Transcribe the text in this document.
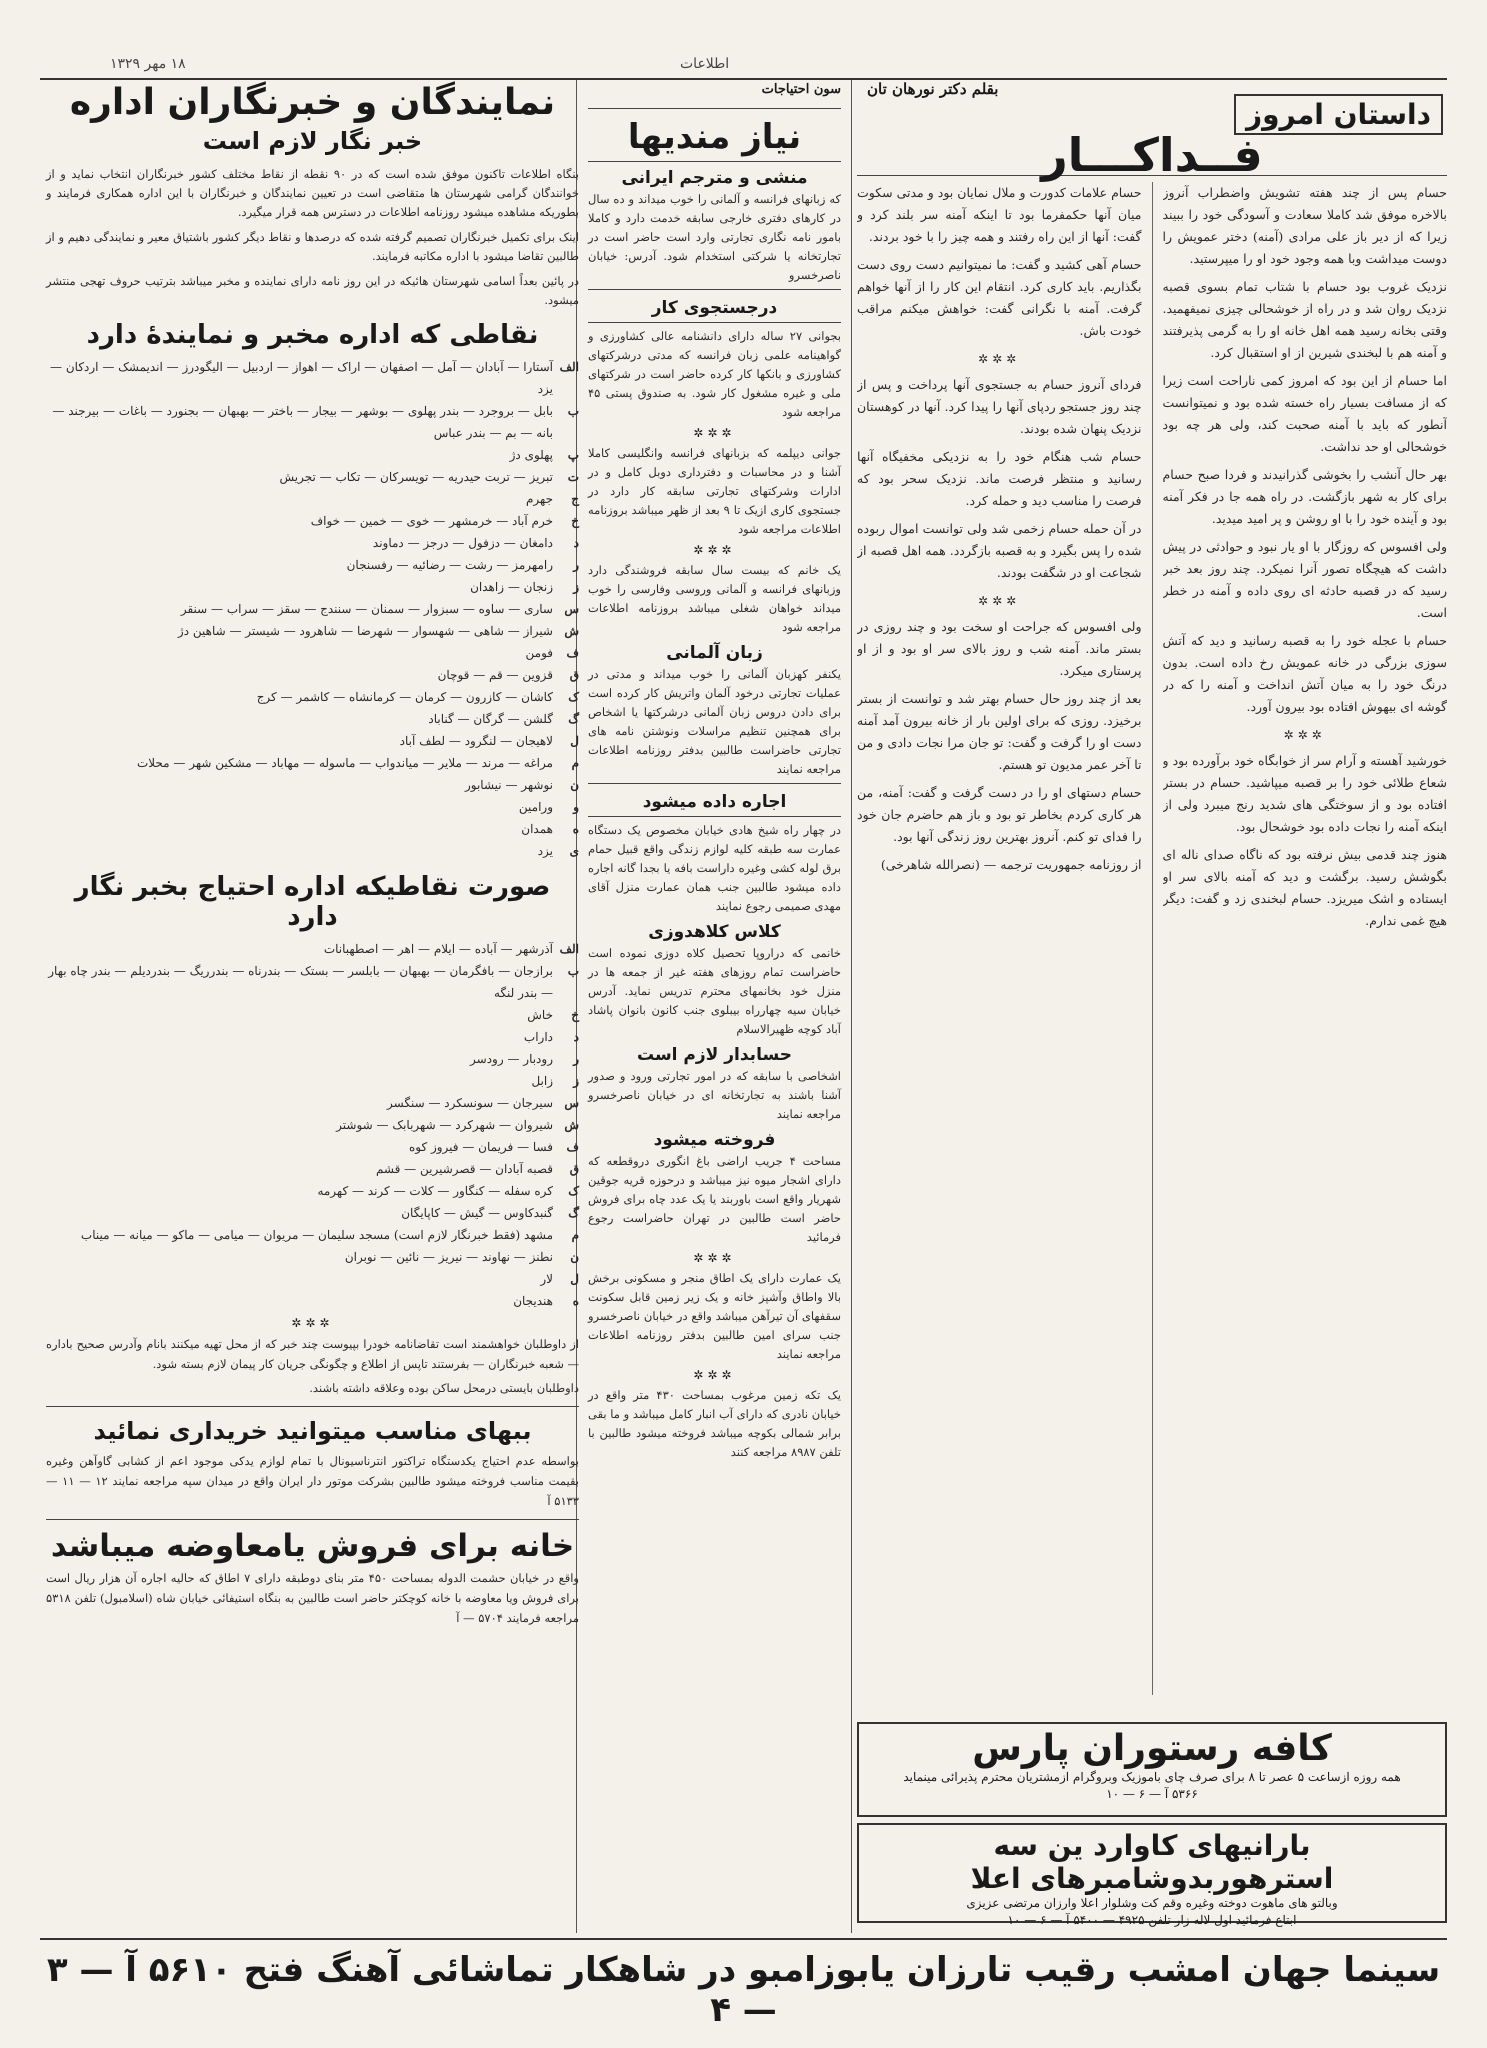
۱۸ مهر ۱۳۲۹	اطلاعات
داستان امروز
بقلم دکتر نورهان تان
فــداکـــار

حسام پس از چند هفته تشویش واضطراب آنروز بالاخره موفق شد کاملا سعادت و آسودگی خود را ببیند زیرا که از دیر باز علی مرادی (آمنه) دختر عمویش را دوست میداشت وبا همه وجود خود او را میپرستید.

نزدیک غروب بود حسام با شتاب تمام بسوی قصبه نزدیک روان شد و در راه از خوشحالی چیزی نمیفهمید. وقتی بخانه رسید همه اهل خانه او را به گرمی پذیرفتند و آمنه هم با لبخندی شیرین از او استقبال کرد.

اما حسام از این بود که امروز کمی ناراحت است زیرا که از مسافت بسیار راه خسته شده بود و نمیتوانست آنطور که باید با آمنه صحبت کند، ولی هر چه بود خوشحالی او حد نداشت.

بهر حال آنشب را بخوشی گذرانیدند و فردا صبح حسام برای کار به شهر بازگشت. در راه همه جا در فکر آمنه بود و آینده خود را با او روشن و پر امید میدید.

ولی افسوس که روزگار با او یار نبود و حوادثی در پیش داشت که هیچگاه تصور آنرا نمیکرد. چند روز بعد خبر رسید که در قصبه حادثه ای روی داده و آمنه در خطر است.

حسام با عجله خود را به قصبه رسانید و دید که آتش سوزی بزرگی در خانه عمویش رخ داده است. بدون درنگ خود را به میان آتش انداخت و آمنه را که در گوشه ای بیهوش افتاده بود بیرون آورد.

✲✲✲

خورشید آهسته و آرام سر از خوابگاه خود برآورده بود و شعاع طلائی خود را بر قصبه میپاشید. حسام در بستر افتاده بود و از سوختگی های شدید رنج میبرد ولی از اینکه آمنه را نجات داده بود خوشحال بود.

هنوز چند قدمی بیش نرفته بود که ناگاه صدای ناله ای بگوشش رسید. برگشت و دید که آمنه بالای سر او ایستاده و اشک میریزد. حسام لبخندی زد و گفت: دیگر هیچ غمی ندارم.

حسام علامات کدورت و ملال نمایان بود و مدتی سکوت میان آنها حکمفرما بود تا اینکه آمنه سر بلند کرد و گفت: آنها از این راه رفتند و همه چیز را با خود بردند.

حسام آهی کشید و گفت: ما نمیتوانیم دست روی دست بگذاریم. باید کاری کرد. انتقام این کار را از آنها خواهم گرفت. آمنه با نگرانی گفت: خواهش میکنم مراقب خودت باش.

✲✲✲

فردای آنروز حسام به جستجوی آنها پرداخت و پس از چند روز جستجو ردپای آنها را پیدا کرد. آنها در کوهستان نزدیک پنهان شده بودند.

حسام شب هنگام خود را به نزدیکی مخفیگاه آنها رسانید و منتظر فرصت ماند. نزدیک سحر بود که فرصت را مناسب دید و حمله کرد.

در آن حمله حسام زخمی شد ولی توانست اموال ربوده شده را پس بگیرد و به قصبه بازگردد. همه اهل قصبه از شجاعت او در شگفت بودند.

✲✲✲

ولی افسوس که جراحت او سخت بود و چند روزی در بستر ماند. آمنه شب و روز بالای سر او بود و از او پرستاری میکرد.

بعد از چند روز حال حسام بهتر شد و توانست از بستر برخیزد. روزی که برای اولین بار از خانه بیرون آمد آمنه دست او را گرفت و گفت: تو جان مرا نجات دادی و من تا آخر عمر مدیون تو هستم.

حسام دستهای او را در دست گرفت و گفت: آمنه، من هر کاری کردم بخاطر تو بود و باز هم حاضرم جان خود را فدای تو کنم. آنروز بهترین روز زندگی آنها بود.

از روزنامه جمهوریت ترجمه — (نصرالله شاهرخی)

کافه رستوران پارس
همه روزه ازساعت ۵ عصر تا ۸ برای صرف چای باموزیک وبروگرام ازمشتریان محترم پذیرائی مینماید
۵۳۶۶ آ — ۶ — ۱۰
بارانیهای کاوارد ین سه استرهوربدوشامبرهای اعلا
وبالتو های ماهوت دوخته وغیره وقم کت وشلوار اعلا وارزان مرتضی عزیزی
ابتاع فرمائید اول لاله زار تلفن ۴۹۲۵ — ۵۴۰۰ آ — ۶ — ۱۰
سون احتیاجات
نیاز مندیها
منشی و مترجم ایرانی

که زبانهای فرانسه و آلمانی را خوب میداند و ده سال در کارهای دفتری خارجی سابقه خدمت دارد و کاملا بامور نامه نگاری تجارتی وارد است حاضر است در تجارتخانه یا شرکتی استخدام شود. آدرس: خیابان ناصرخسرو

درجستجوی کار

بجوانی ۲۷ ساله دارای دانشنامه عالی کشاورزی و گواهینامه علمی زبان فرانسه که مدتی درشرکتهای کشاورزی و بانکها کار کرده حاضر است در شرکتهای ملی و غیره مشغول کار شود. به صندوق پستی ۴۵ مراجعه شود

✲✲✲

جوانی دیپلمه که بزبانهای فرانسه وانگلیسی کاملا آشنا و در محاسبات و دفترداری دوبل کامل و در ادارات وشرکتهای تجارتی سابقه کار دارد در جستجوی کاری ازیک تا ۹ بعد از ظهر میباشد بروزنامه اطلاعات مراجعه شود

✲✲✲

یک خانم که بیست سال سابقه فروشندگی دارد وزبانهای فرانسه و آلمانی وروسی وفارسی را خوب میداند خواهان شغلی میباشد بروزنامه اطلاعات مراجعه شود

زبان آلمانی

یکنفر کهزبان آلمانی را خوب میداند و مدتی در عملیات تجارتی درخود آلمان واتریش کار کرده است برای دادن دروس زبان آلمانی درشرکتها یا اشخاص برای همچنین تنظیم مراسلات ونوشتن نامه های تجارتی حاضراست طالبین بدفتر روزنامه اطلاعات مراجعه نمایند

اجاره داده میشود

در چهار راه شیخ هادی خیابان مخصوص یک دستگاه عمارت سه طبقه کلیه لوازم زندگی واقع قبیل حمام برق لوله کشی وغیره داراست بافه یا بجدا گانه اجاره داده میشود طالبین جنب همان عمارت منزل آقای مهدی صمیمی رجوع نمایند

کلاس کلاهدوزی

خانمی که دراروپا تحصیل کلاه دوزی نموده است حاضراست تمام روزهای هفته غیر از جمعه ها در منزل خود بخانمهای محترم تدریس نماید. آدرس خیابان سیه چهارراه بیبلوی جنب کانون بانوان پاشاد آباد کوچه ظهیرالاسلام

حسابدار لازم است

اشخاصی با سابقه که در امور تجارتی ورود و صدور آشنا باشند به تجارتخانه ای در خیابان ناصرخسرو مراجعه نمایند

فروخته میشود

مساحت ۴ جریب اراضی باغ انگوری دروقطعه که دارای اشجار میوه نیز میباشد و درحوزه قریه جوقین شهریار واقع است باوربند یا یک عدد چاه برای فروش حاضر است طالبین در تهران حاضراست رجوع فرمائید

✲✲✲

یک عمارت دارای یک اطاق منجر و مسکونی برخش بالا واطاق وآشپز خانه و یک زیر زمین قابل سکونت سقفهای آن تیرآهن میباشد واقع در خیابان ناصرخسرو جنب سرای امین طالبین بدفتر روزنامه اطلاعات مراجعه نمایند

✲✲✲

یک تکه زمین مرغوب بمساحت ۴۳۰ متر واقع در خیابان نادری که دارای آب انبار کامل میباشد و ما بقی برابر شمالی بکوچه میباشد فروخته میشود طالبین با تلفن ۸۹۸۷ مراجعه کنند

نمایندگان و خبرنگاران اداره
خبر نگار لازم است

بنگاه اطلاعات تاکنون موفق شده است که در ۹۰ نقطه از نقاط مختلف کشور خبرنگاران انتخاب نماید و از خوانندگان گرامی شهرستان ها متقاضی است در تعیین نمایندگان و خبرنگاران با این اداره همکاری فرمایند و بطوریکه مشاهده میشود روزنامه اطلاعات در دسترس همه قرار میگیرد.

اینک برای تکمیل خبرنگاران تصمیم گرفته شده که درصدها و نقاط دیگر کشور باشتیاق معیر و نمایندگی دهیم و از طالبین تقاضا میشود با اداره مکاتبه فرمایند.

در پائین بعداً اسامی شهرستان هائیکه در این روز نامه دارای نماینده و مخبر میباشد بترتیب حروف تهجی منتشر میشود.

نقاطی که اداره مخبر و نمایندۀ دارد
الف
آستارا — آبادان — آمل — اصفهان — اراک — اهواز — اردبیل — الیگودرز — اندیمشک — اردکان — یزد
ب
بابل — بروجرد — بندر پهلوی — بوشهر — بیجار — باختر — بهبهان — بجنورد — باغات — بیرجند — بانه — بم — بندر عباس
پ
پهلوی دژ
ت
تبریز — تربت حیدریه — تویسرکان — تکاب — تجریش
ج
جهرم
خ
خرم آباد — خرمشهر — خوی — خمین — خواف
د
دامغان — دزفول — درجز — دماوند
ر
رامهرمز — رشت — رضائیه — رفسنجان
ز
زنجان — زاهدان
س
ساری — ساوه — سبزوار — سمنان — سنندج — سقز — سراب — سنقر
ش
شیراز — شاهی — شهسوار — شهرضا — شاهرود — شیستر — شاهین دژ
ف
فومن
ق
قزوین — قم — قوچان
ک
کاشان — کازرون — کرمان — کرمانشاه — کاشمر — کرج
گ
گلشن — گرگان — گناباد
ل
لاهیجان — لنگرود — لطف آباد
م
مراغه — مرند — ملایر — میاندواب — ماسوله — مهاباد — مشکین شهر — محلات
ن
نوشهر — نیشابور
و
ورامین
ه
همدان
ی
یزد
صورت نقاطیکه اداره احتیاج بخبر نگار دارد
الف
آذرشهر — آباده — ایلام — اهر — اصطهبانات
ب
برازجان — بافگرمان — بهبهان — بابلسر — بستک — بندرناه — بندرریگ — بندردیلم — بندر چاه بهار — بندر لنگه
خ
خاش
د
داراب
ر
رودبار — رودسر
ز
زابل
س
سیرجان — سونسکرد — سنگسر
ش
شیروان — شهرکرد — شهربابک — شوشتر
ف
فسا — فریمان — فیروز کوه
ق
قصبه آبادان — قصرشیرین — قشم
ک
کره سفله — کنگاور — کلات — کرند — کهرمه
گ
گنبدکاوس — گیش — کاپایگان
م
مشهد (فقط خبرنگار لازم است) مسجد سلیمان — مریوان — میامی — ماکو — میانه — میناب
ن
نطنز — نهاوند — نیریز — نائین — نوبران
ل
لار
ه
هندیجان
✲✲✲

از داوطلبان خواهشمند است تقاضانامه خودرا بپیوست چند خبر که از محل تهیه میکنند بانام وآدرس صحیح باداره — شعبه خبرنگاران — بفرستند تاپس از اطلاع و چگونگی جریان کار پیمان لازم بسته شود.

داوطلبان بایستی درمحل ساکن بوده وعلاقه داشته باشند.

ببهای مناسب میتوانید خریداری نمائید

بواسطه عدم احتیاج یکدستگاه تراکتور انترناسیونال با تمام لوازم یدکی موجود اعم از کشابی گاوآهن وغیره بقیمت مناسب فروخته میشود طالبین بشرکت موتور دار ایران واقع در میدان سپه مراجعه نمایند ۱۲ — ۱۱ — ۵۱۳۳ آ

خانه برای فروش یامعاوضه میباشد

واقع در خیابان حشمت الدوله بمساحت ۴۵۰ متر بنای دوطبقه دارای ۷ اطاق که حالیه اجاره آن هزار ریال است برای فروش ویا معاوضه با خانه کوچکتر حاضر است طالبین به بنگاه استیفائی خیابان شاه (اسلامبول) تلفن ۵۳۱۸ مراجعه فرمایند ۵۷۰۴ — آ

سینما جهان امشب رقیب تارزان یابوزامبو در شاهکار تماشائی آهنگ فتح ۵۶۱۰ آ — ۳ — ۴
